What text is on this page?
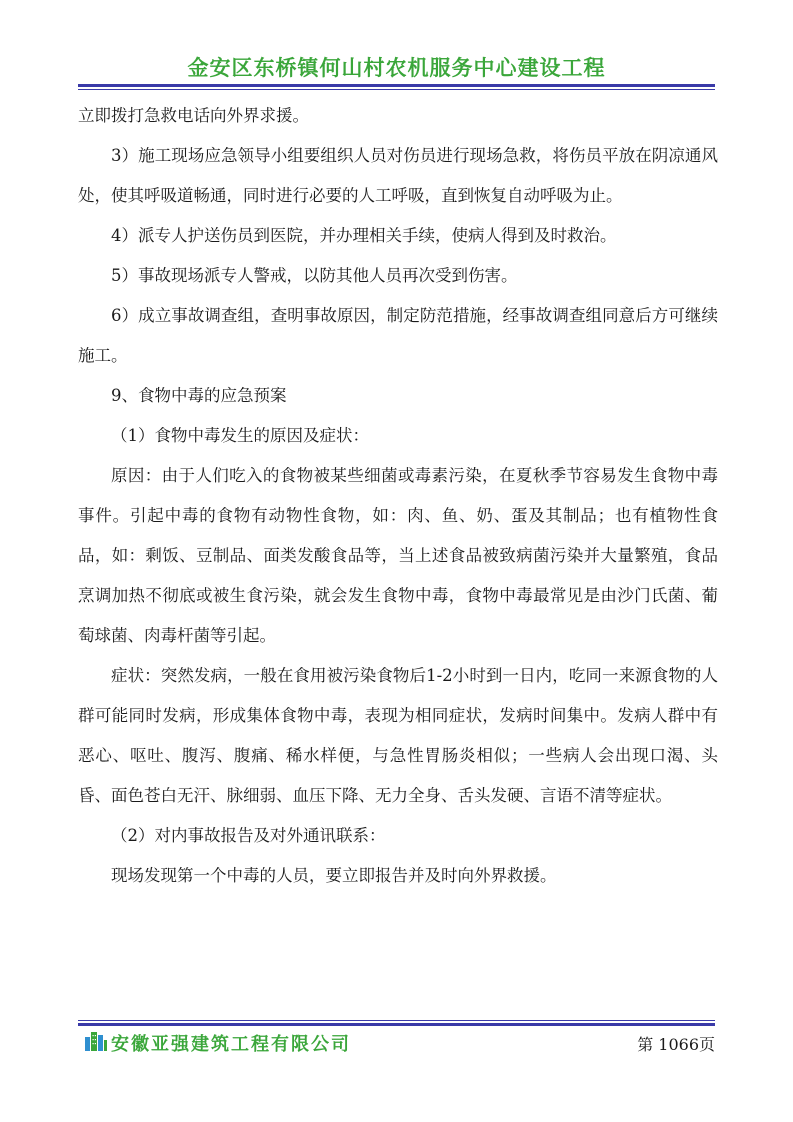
金安区东桥镇何山村农机服务中心建设工程

立即拨打急救电话向外界求援。

3）施工现场应急领导小组要组织人员对伤员进行现场急救，将伤员平放在阴凉通风处，使其呼吸道畅通，同时进行必要的人工呼吸，直到恢复自动呼吸为止。

4）派专人护送伤员到医院，并办理相关手续，使病人得到及时救治。

5）事故现场派专人警戒，以防其他人员再次受到伤害。

6）成立事故调查组，查明事故原因，制定防范措施，经事故调查组同意后方可继续施工。

9、食物中毒的应急预案

（1）食物中毒发生的原因及症状：

原因：由于人们吃入的食物被某些细菌或毒素污染，在夏秋季节容易发生食物中毒事件。引起中毒的食物有动物性食物，如：肉、鱼、奶、蛋及其制品；也有植物性食品，如：剩饭、豆制品、面类发酸食品等，当上述食品被致病菌污染并大量繁殖，食品烹调加热不彻底或被生食污染，就会发生食物中毒，食物中毒最常见是由沙门氏菌、葡萄球菌、肉毒杆菌等引起。

症状：突然发病，一般在食用被污染食物后1-2小时到一日内，吃同一来源食物的人群可能同时发病，形成集体食物中毒，表现为相同症状，发病时间集中。发病人群中有恶心、呕吐、腹泻、腹痛、稀水样便，与急性胃肠炎相似；一些病人会出现口渴、头昏、面色苍白无汗、脉细弱、血压下降、无力全身、舌头发硬、言语不清等症状。

（2）对内事故报告及对外通讯联系：

现场发现第一个中毒的人员，要立即报告并及时向外界救援。

安徽亚强建筑工程有限公司	第 1066页
